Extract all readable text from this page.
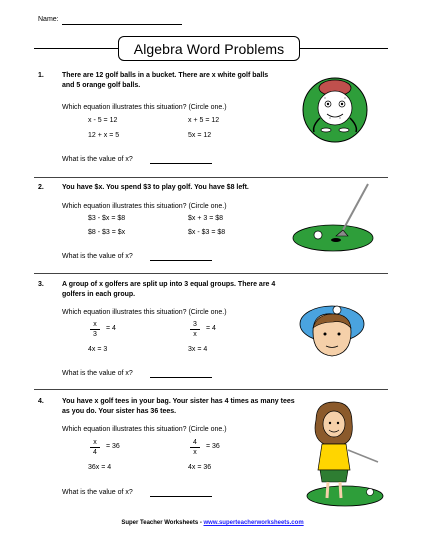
Name:
Algebra Word Problems
1.	There are 12 golf balls in a bucket. There are x white golf balls and 5 orange golf balls.
Which equation illustrates this situation? (Circle one.)
x - 5 = 12	x + 5 = 12
12 + x = 5	5x = 12
What is the value of x?
2.	You have $x. You spend $3 to play golf. You have $8 left.
Which equation illustrates this situation? (Circle one.)
$3 - $x = $8	$x + 3 = $8
$8 - $3 = $x	$x - $3 = $8
What is the value of x?
3.	A group of x golfers are split up into 3 equal groups. There are 4 golfers in each group.
Which equation illustrates this situation? (Circle one.)
$\frac{x}{3} = 4$	$\frac{3}{x} = 4$
4x = 3	3x = 4
What is the value of x?
4.	You have x golf tees in your bag. Your sister has 4 times as many tees as you do. Your sister has 36 tees.
Which equation illustrates this situation? (Circle one.)
$\frac{x}{4} = 36$	$\frac{4}{x} = 36$
36x = 4	4x = 36
What is the value of x?
Super Teacher Worksheets - www.superteacherworksheets.com
